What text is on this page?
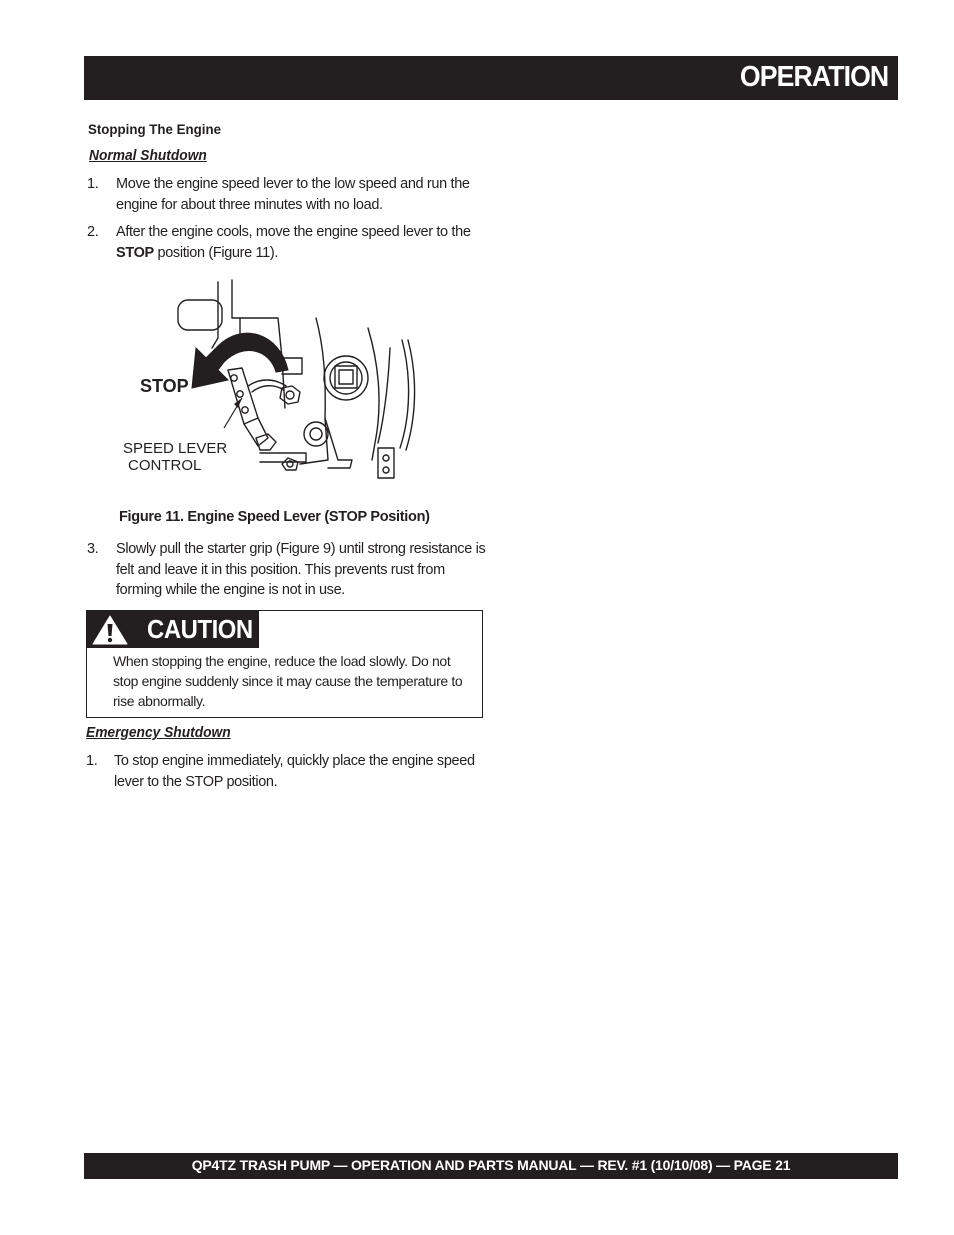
OPERATION
Stopping The Engine
Normal Shutdown
1. Move the engine speed lever to the low speed and run the engine for about three minutes with no load.
2. After the engine cools, move the engine speed lever to the STOP position (Figure 11).
STOP
SPEED LEVER
CONTROL
Figure 11. Engine Speed Lever (STOP Position)
3. Slowly pull the starter grip (Figure 9) until strong resistance is felt and leave it in this position. This prevents rust from forming while the engine is not in use.
CAUTION
When stopping the engine, reduce the load slowly. Do not stop engine suddenly since it may cause the temperature to rise abnormally.
Emergency Shutdown
1. To stop engine immediately, quickly place the engine speed lever to the STOP position.
QP4TZ TRASH PUMP — OPERATION AND PARTS MANUAL — REV. #1 (10/10/08) — PAGE 21
